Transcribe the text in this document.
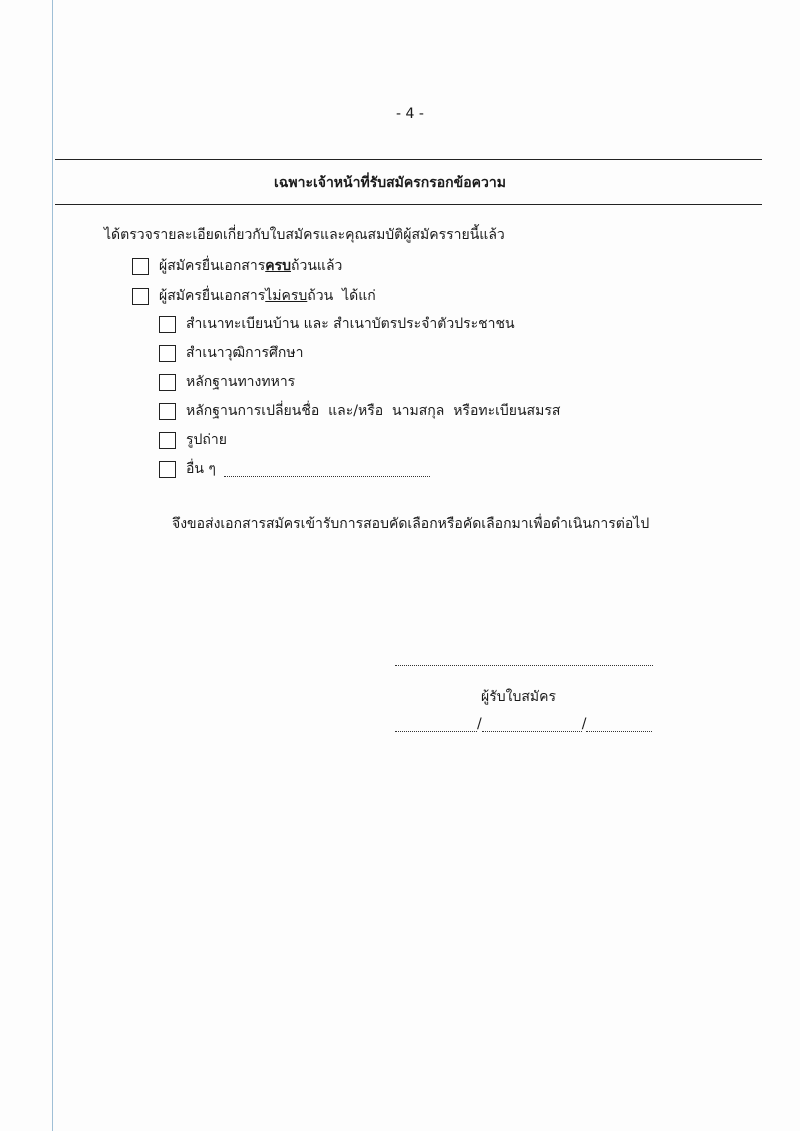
- 4 -
เฉพาะเจ้าหน้าที่รับสมัครกรอกข้อความ
ได้ตรวจรายละเอียดเกี่ยวกับใบสมัครและคุณสมบัติผู้สมัครรายนี้แล้ว
ผู้สมัครยื่นเอกสาร ครบ ถ้วนแล้ว
ผู้สมัครยื่นเอกสาร ไม่ครบ ถ้วน  ได้แก่
สำเนาทะเบียนบ้าน และ สำเนาบัตรประจำตัวประชาชน
สำเนาวุฒิการศึกษา
หลักฐานทางทหาร
หลักฐานการเปลี่ยนชื่อ  และ/หรือ  นามสกุล  หรือทะเบียนสมรส
รูปถ่าย
อื่น ๆ
จึงขอส่งเอกสารสมัครเข้ารับการสอบคัดเลือกหรือคัดเลือกมาเพื่อดำเนินการต่อไป
ผู้รับใบสมัคร
/	/
